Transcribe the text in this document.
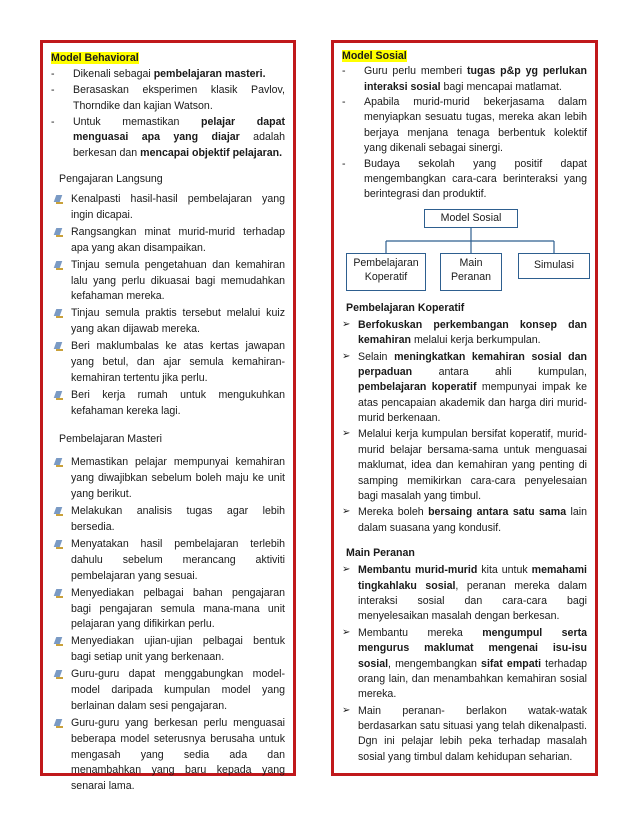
Model Behavioral
-	Dikenali sebagai pembelajaran masteri.
-	Berasaskan eksperimen klasik Pavlov, Thorndike dan kajian Watson.
-	Untuk memastikan pelajar dapat menguasai apa yang diajar adalah berkesan dan mencapai objektif pelajaran.
Pengajaran Langsung
Kenalpasti hasil-hasil pembelajaran yang ingin dicapai.
Rangsangkan minat murid-murid terhadap apa yang akan disampaikan.
Tinjau semula pengetahuan dan kemahiran lalu yang perlu dikuasai bagi memudahkan kefahaman mereka.
Tinjau semula praktis tersebut melalui kuiz yang akan dijawab mereka.
Beri maklumbalas ke atas kertas jawapan yang betul, dan ajar semula kemahiran-kemahiran tertentu jika perlu.
Beri kerja rumah untuk mengukuhkan kefahaman kereka lagi.
Pembelajaran Masteri
Memastikan pelajar mempunyai kemahiran yang diwajibkan sebelum boleh maju ke unit yang berikut.
Melakukan analisis tugas agar lebih bersedia.
Menyatakan hasil pembelajaran terlebih dahulu sebelum merancang aktiviti pembelajaran yang sesuai.
Menyediakan pelbagai bahan pengajaran bagi pengajaran semula mana-mana unit pelajaran yang difikirkan perlu.
Menyediakan ujian-ujian pelbagai bentuk bagi setiap unit yang berkenaan.
Guru-guru dapat menggabungkan model-model daripada kumpulan model yang berlainan dalam sesi pengajaran.
Guru-guru yang berkesan perlu menguasai beberapa model seterusnya berusaha untuk mengasah yang sedia ada dan menambahkan yang baru kepada yang senarai lama.
Model Sosial
-	Guru perlu memberi tugas p&p yg perlukan interaksi sosial bagi mencapai matlamat.
-	Apabila murid-murid bekerjasama dalam menyiapkan sesuatu tugas, mereka akan lebih berjaya menjana tenaga berbentuk kolektif yang dikenali sebagai sinergi.
-	Budaya sekolah yang positif dapat mengembangkan cara-cara berinteraksi yang berintegrasi dan produktif.
Model Sosial
Pembelajaran Koperatif
Main Peranan
Simulasi
Pembelajaran Koperatif
➢ Berfokuskan perkembangan konsep dan kemahiran melalui kerja berkumpulan.
➢ Selain meningkatkan kemahiran sosial dan perpaduan antara ahli kumpulan, pembelajaran koperatif mempunyai impak ke atas pencapaian akademik dan harga diri murid-murid berkenaan.
➢ Melalui kerja kumpulan bersifat koperatif, murid-murid belajar bersama-sama untuk menguasai maklumat, idea dan kemahiran yang penting di samping memikirkan cara-cara penyelesaian bagi masalah yang timbul.
➢ Mereka boleh bersaing antara satu sama lain dalam suasana yang kondusif.
Main Peranan
➢ Membantu murid-murid kita untuk memahami tingkahlaku sosial, peranan mereka dalam interaksi sosial dan cara-cara bagi menyelesaikan masalah dengan berkesan.
➢ Membantu mereka mengumpul serta mengurus maklumat mengenai isu-isu sosial, mengembangkan sifat empati terhadap orang lain, dan menambahkan kemahiran sosial mereka.
➢ Main peranan- berlakon watak-watak berdasarkan satu situasi yang telah dikenalpasti. Dgn ini pelajar lebih peka terhadap masalah sosial yang timbul dalam kehidupan seharian.
